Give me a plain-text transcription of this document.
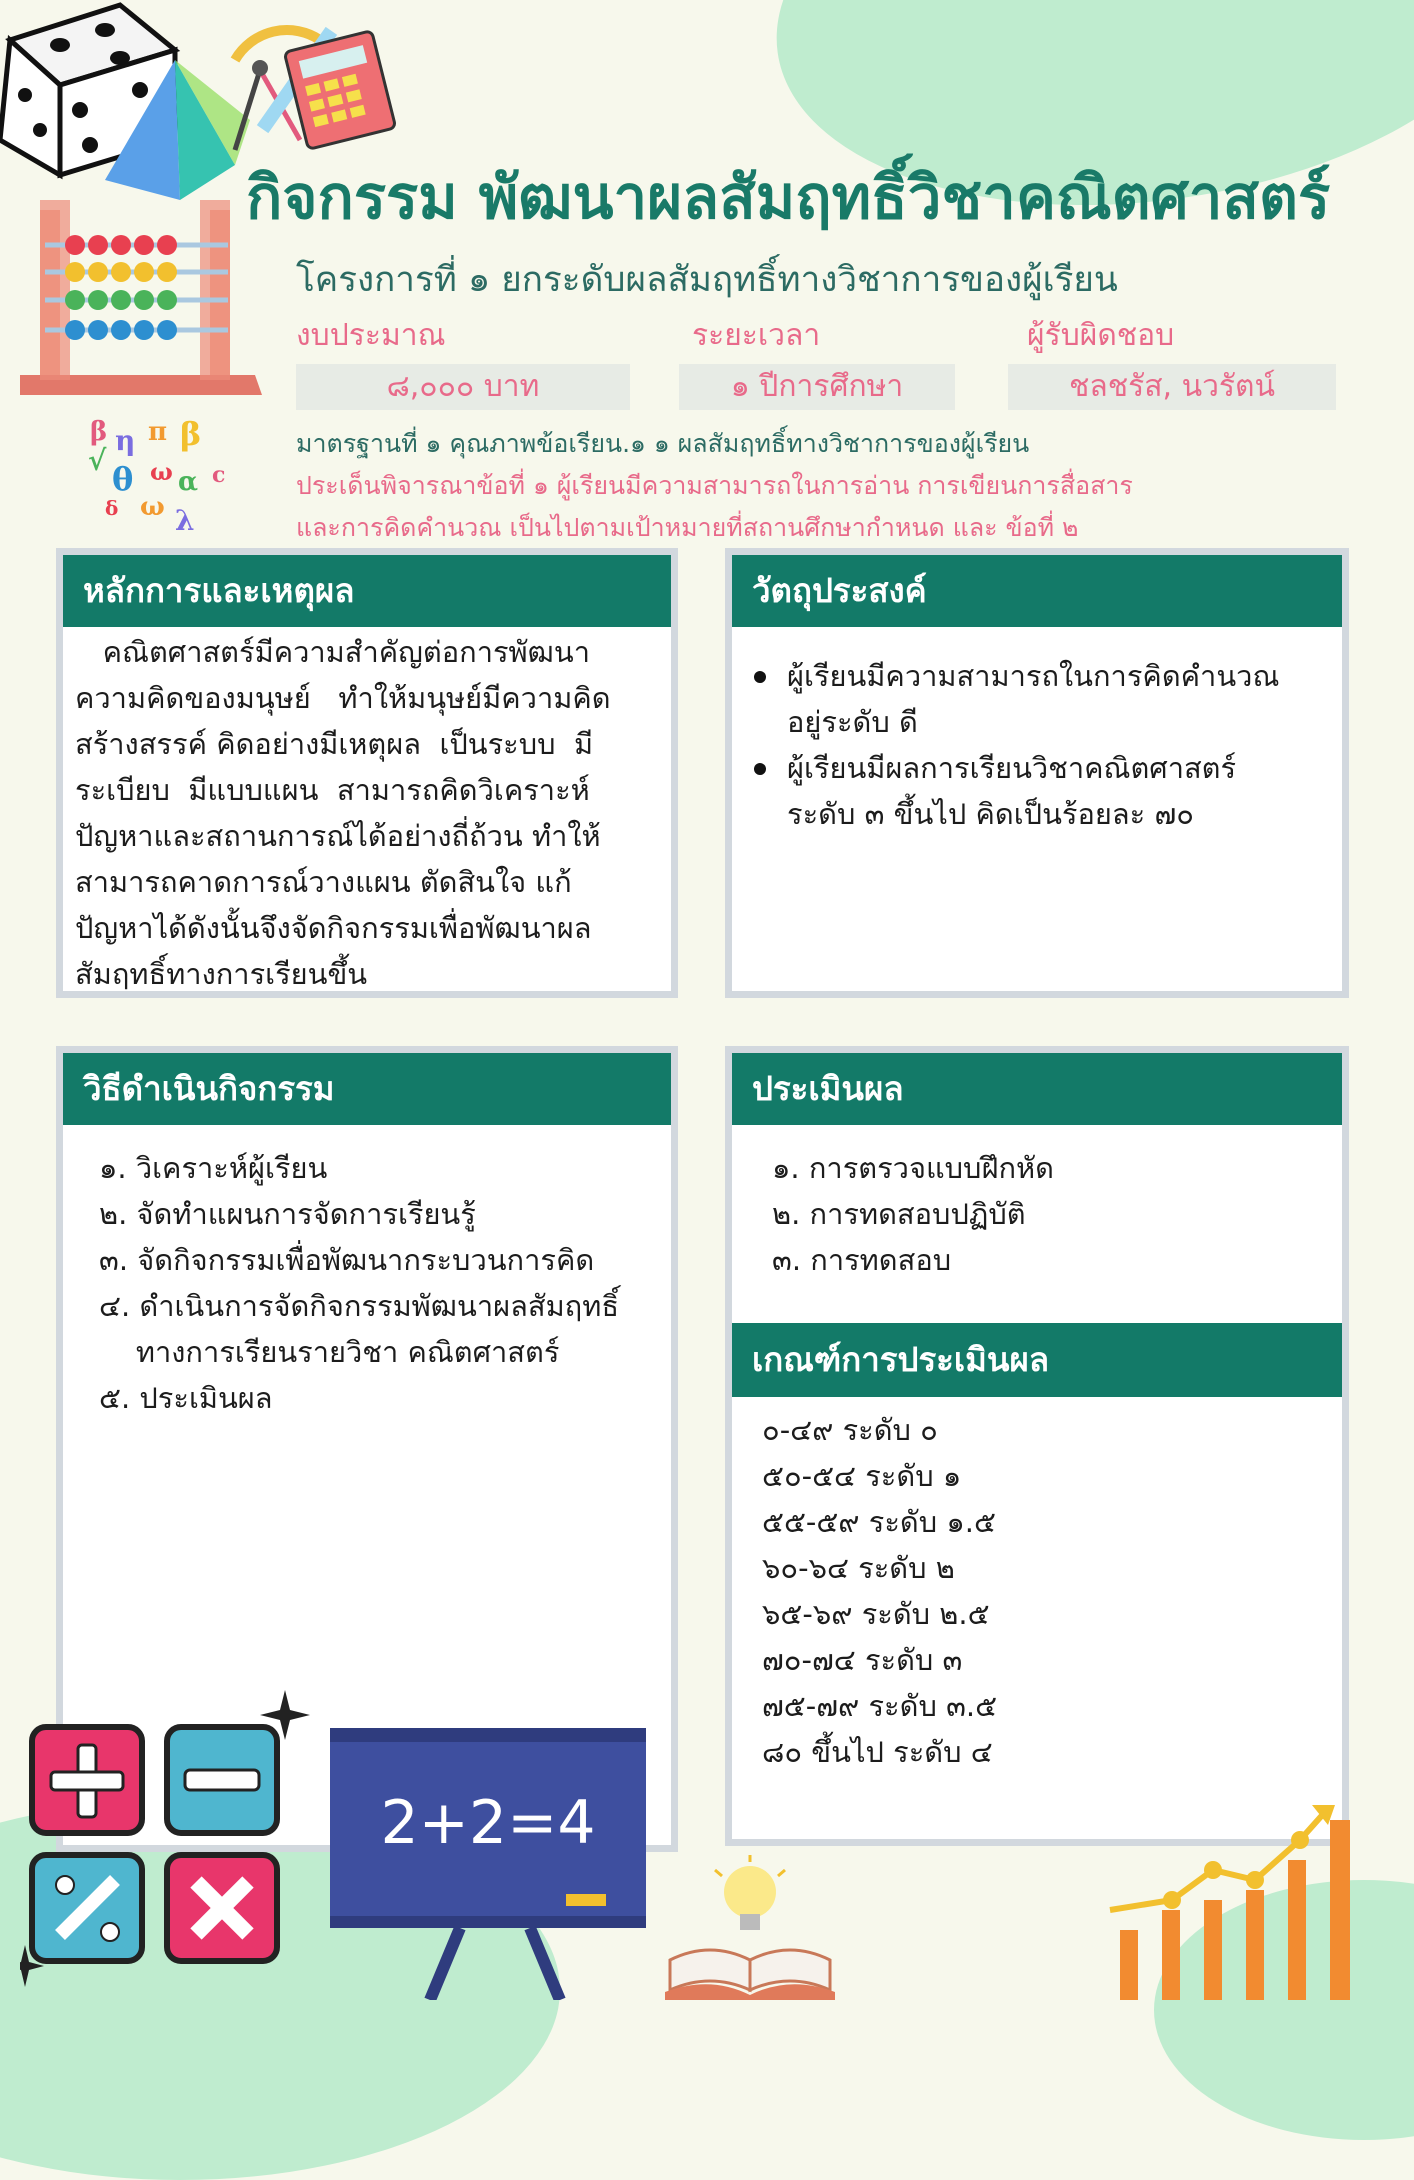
β η π β
√ θ ω α c
ω λ
δ
กิจกรรม พัฒนาผลสัมฤทธิ์วิชาคณิตศาสตร์
โครงการที่ ๑ ยกระดับผลสัมฤทธิ์ทางวิชาการของผู้เรียน
งบประมาณ	ระยะเวลา	ผู้รับผิดชอบ
๘,๐๐๐ บาท	๑ ปีการศึกษา	ชลชรัส, นวรัตน์
มาตรฐานที่ ๑ คุณภาพข้อเรียน.๑ ๑ ผลสัมฤทธิ์ทางวิชาการของผู้เรียน
ประเด็นพิจารณาข้อที่ ๑ ผู้เรียนมีความสามารถในการอ่าน การเขียนการสื่อสาร
และการคิดคำนวณ เป็นไปตามเป้าหมายที่สถานศึกษากำหนด และ ข้อที่ ๒
หลักการและเหตุผล
คณิตศาสตร์มีความสำคัญต่อการพัฒนา
ความคิดของมนุษย์   ทำให้มนุษย์มีความคิด
สร้างสรรค์ คิดอย่างมีเหตุผล  เป็นระบบ  มี
ระเบียบ  มีแบบแผน  สามารถคิดวิเคราะห์
ปัญหาและสถานการณ์ได้อย่างถี่ถ้วน ทำให้
สามารถคาดการณ์วางแผน ตัดสินใจ แก้
ปัญหาได้ดังนั้นจึงจัดกิจกรรมเพื่อพัฒนาผล
สัมฤทธิ์ทางการเรียนขึ้น
วัตถุประสงค์
ผู้เรียนมีความสามารถในการคิดคำนวณ
อยู่ระดับ ดี
ผู้เรียนมีผลการเรียนวิชาคณิตศาสตร์
ระดับ ๓ ขึ้นไป คิดเป็นร้อยละ ๗๐
วิธีดำเนินกิจกรรม
๑. วิเคราะห์ผู้เรียน
๒. จัดทำแผนการจัดการเรียนรู้
๓. จัดกิจกรรมเพื่อพัฒนากระบวนการคิด
๔. ดำเนินการจัดกิจกรรมพัฒนาผลสัมฤทธิ์
ทางการเรียนรายวิชา คณิตศาสตร์
๕. ประเมินผล
ประเมินผล
๑. การตรวจแบบฝึกหัด
๒. การทดสอบปฏิบัติ
๓. การทดสอบ
เกณฑ์การประเมินผล
๐-๔๙ ระดับ ๐
๕๐-๕๔ ระดับ ๑
๕๕-๕๙ ระดับ ๑.๕
๖๐-๖๔ ระดับ ๒
๖๕-๖๙ ระดับ ๒.๕
๗๐-๗๔ ระดับ ๓
๗๕-๗๙ ระดับ ๓.๕
๘๐ ขึ้นไป ระดับ ๔
2+2=4
